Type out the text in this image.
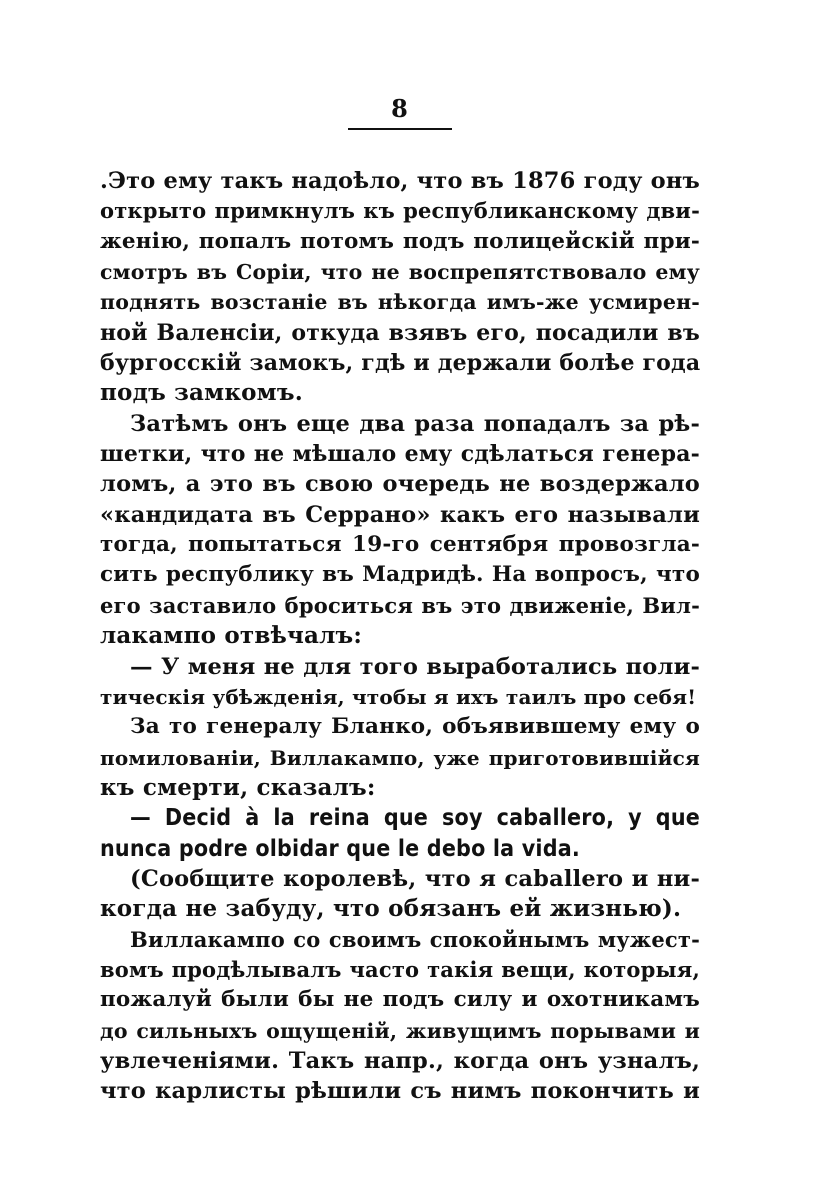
8
.Это ему такъ надоѣло, что въ 1876 году онъ
открыто примкнулъ къ республиканскому дви-
женію, попалъ потомъ подъ полицейскій при-
смотръ въ Соріи, что не воспрепятствовало ему
поднять возстаніе въ нѣкогда имъ-же усмирен-
ной Валенсіи, откуда взявъ его, посадили въ
бургосскій замокъ, гдѣ и держали болѣе года
подъ замкомъ.
Затѣмъ онъ еще два раза попадалъ за рѣ-
шетки, что не мѣшало ему сдѣлаться генера-
ломъ, а это въ свою очередь не воздержало
«кандидата въ Серрано» какъ его называли
тогда, попытаться 19-го сентября провозгла-
сить республику въ Мадридѣ. На вопросъ, что
его заставило броситься въ это движеніе, Вил-
лакампо отвѣчалъ:
— У меня не для того выработались поли-
тическія убѣжденія, чтобы я ихъ таилъ про себя!
За то генералу Бланко, объявившему ему о
помилованіи, Виллакампо, уже приготовившійся
къ смерти, сказалъ:
— Decid à la reina que soy caballero, y que
nunca podre olbidar que le debo la vida.
(Сообщите королевѣ, что я caballero и ни-
когда не забуду, что обязанъ ей жизнью).
Виллакампо со своимъ спокойнымъ мужест-
вомъ продѣлывалъ часто такія вещи, которыя,
пожалуй были бы не подъ силу и охотникамъ
до сильныхъ ощущеній, живущимъ порывами и
увлеченіями. Такъ напр., когда онъ узналъ,
что карлисты рѣшили съ нимъ покончить и
